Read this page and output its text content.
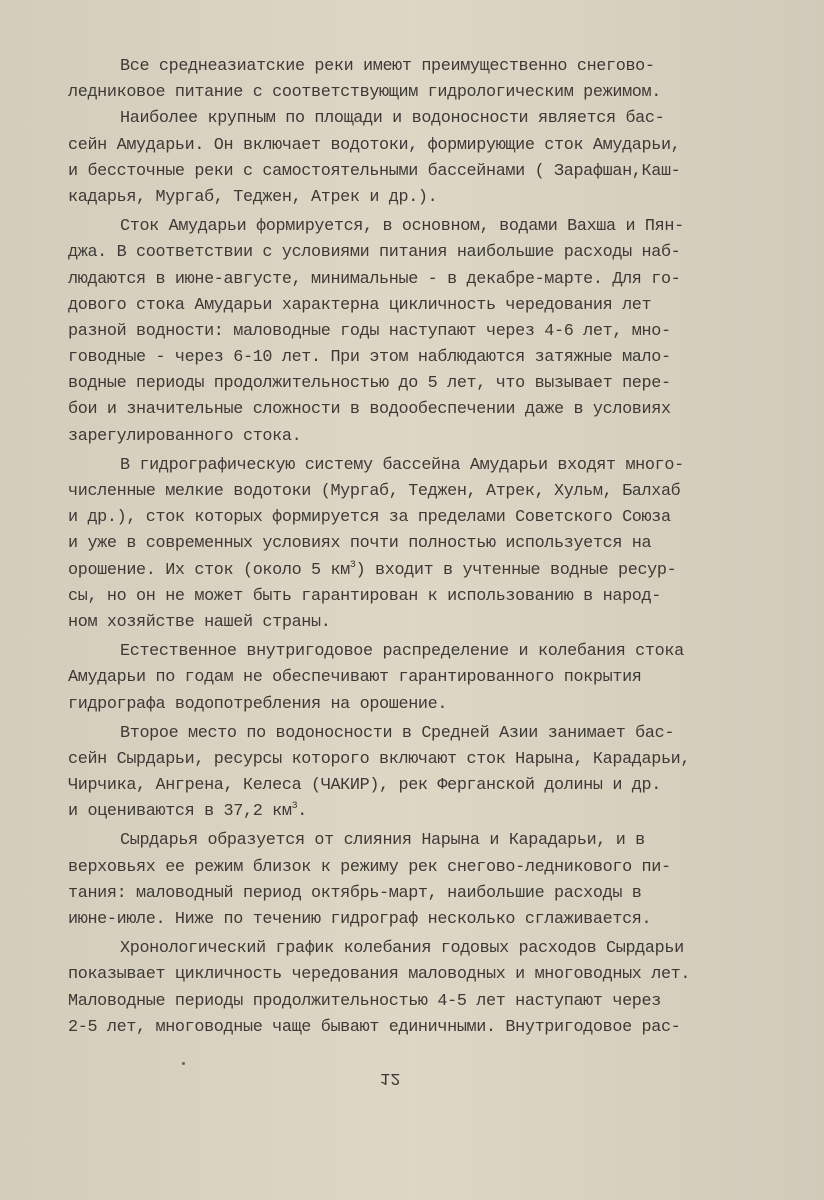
Все среднеазиатские реки имеют преимущественно снегово-
ледниковое питание с соответствующим гидрологическим режимом.
Наиболее крупным по площади и водоносности является бас-
сейн Амударьи. Он включает водотоки, формирующие сток Амударьи,
и бессточные реки с самостоятельными бассейнами ( Зарафшан,Каш-
кадарья, Мургаб, Теджен, Атрек и др.).
Сток Амударьи формируется, в основном, водами Вахша и Пян-
джа. В соответствии с условиями питания наибольшие расходы наб-
людаются в июне-августе, минимальные - в декабре-марте. Для го-
дового стока Амударьи характерна цикличность чередования лет
разной водности: маловодные годы наступают через 4-6 лет, мно-
говодные - через 6-10 лет. При этом наблюдаются затяжные мало-
водные периоды продолжительностью до 5 лет, что вызывает пере-
бои и значительные сложности в водообеспечении даже в условиях
зарегулированного стока.
В гидрографическую систему бассейна Амударьи входят много-
численные мелкие водотоки (Мургаб, Теджен, Атрек, Хульм, Балхаб
и др.), сток которых формируется за пределами Советского Союза
и уже в современных условиях почти полностью используется на
орошение. Их сток (около 5 $км^3$) входит в учтенные водные ресур-
сы, но он не может быть гарантирован к использованию в народ-
ном хозяйстве нашей страны.
Естественное внутригодовое распределение и колебания стока
Амударьи по годам не обеспечивают гарантированного покрытия
гидрографа водопотребления на орошение.
Второе место по водоносности в Средней Азии занимает бас-
сейн Сырдарьи, ресурсы которого включают сток Нарына, Карадарьи,
Чирчика, Ангрена, Келеса (ЧАКИР), рек Ферганской долины и др.
и оцениваются в 37,2 $км^3$.
Сырдарья образуется от слияния Нарына и Карадарьи, и в
верховьях ее режим близок к режиму рек снегово-ледникового пи-
тания: маловодный период октябрь-март, наибольшие расходы в
июне-июле. Ниже по течению гидрограф несколько сглаживается.
Хронологический график колебания годовых расходов Сырдарьи
показывает цикличность чередования маловодных и многоводных лет.
Маловодные периоды продолжительностью 4-5 лет наступают через
2-5 лет, многоводные чаще бывают единичными. Внутригодовое рас-
12
